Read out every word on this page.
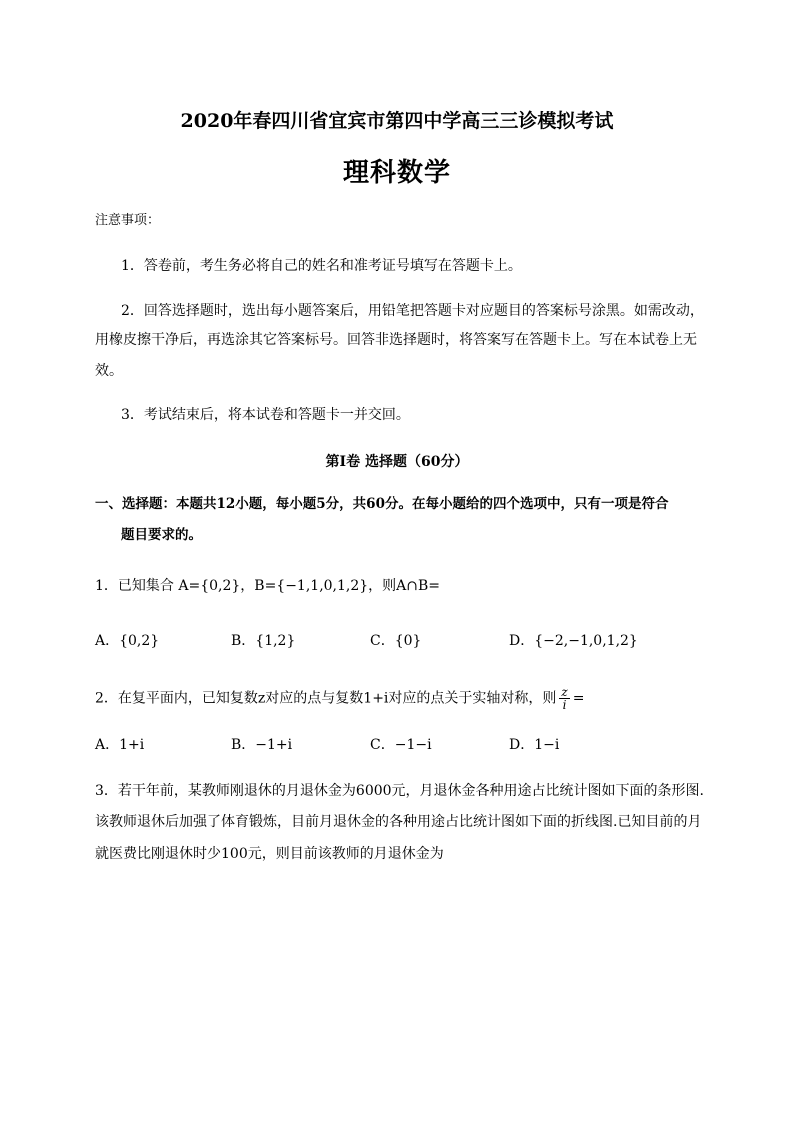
2020年春四川省宜宾市第四中学高三三诊模拟考试
理科数学
注意事项：
1．答卷前，考生务必将自己的姓名和准考证号填写在答题卡上。
2．回答选择题时，选出每小题答案后，用铅笔把答题卡对应题目的答案标号涂黑。如需改动，
用橡皮擦干净后，再选涂其它答案标号。回答非选择题时，将答案写在答题卡上。写在本试卷上无
效。
3．考试结束后，将本试卷和答题卡一并交回。
第Ⅰ卷 选择题（60分）
一、选择题：本题共12小题，每小题5分，共60分。在每小题给的四个选项中，只有一项是符合
题目要求的。
1．已知集合 A={0,2}，B={−1,1,0,1,2}，则A∩B=
A．{0,2}	B．{1,2}	C．{0}	D．{−2,−1,0,1,2}
2．在复平面内，已知复数z对应的点与复数1+i对应的点关于实轴对称，则 $\frac{z}{i}$ =
A．1+i	B．−1+i	C．−1−i	D．1−i
3．若干年前，某教师刚退休的月退休金为6000元，月退休金各种用途占比统计图如下面的条形图.
该教师退休后加强了体育锻炼，目前月退休金的各种用途占比统计图如下面的折线图.已知目前的月
就医费比刚退休时少100元，则目前该教师的月退休金为
